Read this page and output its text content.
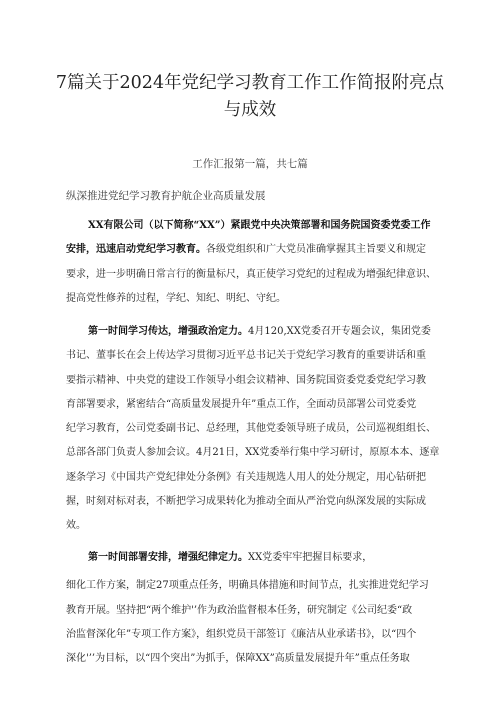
7篇关于2024年党纪学习教育工作工作简报附亮点
与成效
工作汇报第一篇，共七篇
纵深推进党纪学习教育护航企业高质量发展
XX有限公司（以下简称“XX”）紧跟党中央决策部署和国务院国资委党委工作
安排，迅速启动党纪学习教育。各级党组织和广大党员准确掌握其主旨要义和规定
要求，进一步明确日常言行的衡量标尺，真正使学习党纪的过程成为增强纪律意识、
提高党性修养的过程，学纪、知纪、明纪、守纪。
第一时间学习传达，增强政治定力。4月120,XX党委召开专题会议，集团党委
书记、董事长在会上传达学习贯彻习近平总书记关于党纪学习教育的重要讲话和重
要指示精神、中央党的建设工作领导小组会议精神、国务院国资委党委党纪学习教
育部署要求，紧密结合“高质量发展提升年”重点工作，全面动员部署公司党委党
纪学习教育，公司党委副书记、总经理，其他党委领导班子成员，公司巡视组组长、
总部各部门负责人参加会议。4月21日，XX党委举行集中学习研讨，原原本本、逐章
逐条学习《中国共产党纪律处分条例》有关违规选人用人的处分规定，用心钻研把
握，时刻对标对表，不断把学习成果转化为推动全面从严治党向纵深发展的实际成
效。
第一时间部署安排，增强纪律定力。XX党委牢牢把握目标要求，
细化工作方案，制定27项重点任务，明确具体措施和时间节点，扎实推进党纪学习
教育开展。坚持把“两个维护'’作为政治监督根本任务，研究制定《公司纪委“政
治监督深化年”专项工作方案》，组织党员干部签订《廉洁从业承诺书》，以“四个
深化'’’为目标，以“四个突出”为抓手，保障XX”高质量发展提升年”重点任务取
